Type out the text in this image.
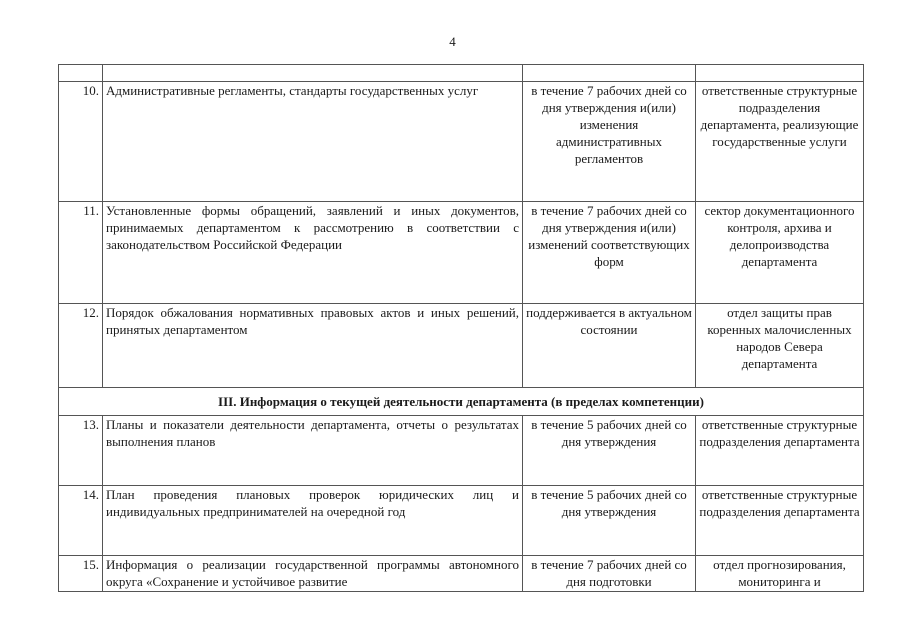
4

10.	Административные регламенты, стандарты государственных услуг	в течение 7 рабочих дней со дня утверждения и(или) изменения административных регламентов	ответственные структурные подразделения департамента, реализующие государственные услуги
11.	Установленные формы обращений, заявлений и иных документов, принимаемых департаментом к рассмотрению в соответствии с законодательством Российской Федерации	в течение 7 рабочих дней со дня утверждения и(или) изменений соответствующих форм	сектор документационного контроля, архива и делопроизводства департамента
12.	Порядок обжалования нормативных правовых актов и иных решений, принятых департаментом	поддерживается в актуальном состоянии	отдел защиты прав коренных малочисленных народов Севера департамента
III. Информация о текущей деятельности департамента (в пределах компетенции)			
13.	Планы и показатели деятельности департамента, отчеты о результатах выполнения планов	в течение 5 рабочих дней со дня утверждения	ответственные структурные подразделения департамента
14.	План проведения плановых проверок юридических лиц и индивидуальных предпринимателей на очередной год	в течение 5 рабочих дней со дня утверждения	ответственные структурные подразделения департамента
15.	Информация о реализации государственной программы автономного округа «Сохранение и устойчивое развитие	в течение 7 рабочих дней со дня подготовки	отдел прогнозирования, мониторинга и
